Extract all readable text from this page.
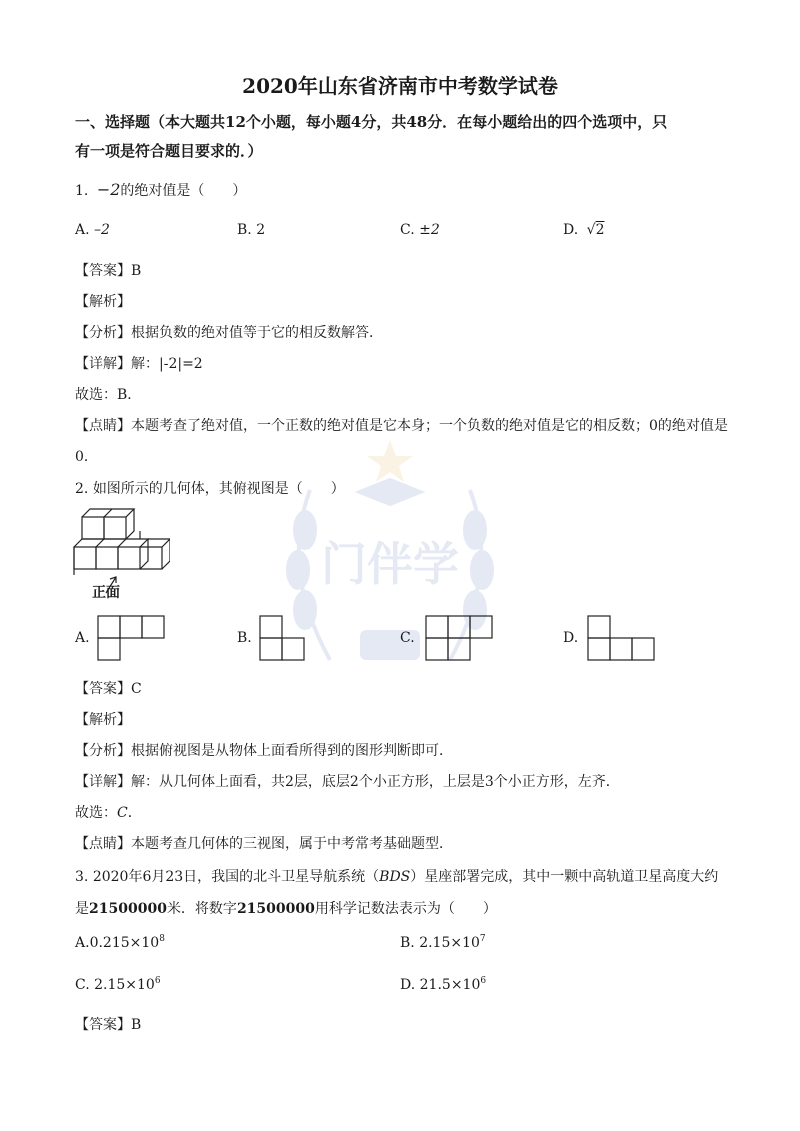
门伴学
2020年山东省济南市中考数学试卷
一、选择题（本大题共12个小题，每小题4分，共48分．在每小题给出的四个选项中，只
有一项是符合题目要求的．）
1. −2的绝对值是（　　）
A. –2	B. 2	C. ±2	D. √2
【答案】B
【解析】
【分析】根据负数的绝对值等于它的相反数解答．
【详解】解：|-2|=2
故选：B．
【点睛】本题考查了绝对值，一个正数的绝对值是它本身；一个负数的绝对值是它的相反数；0的绝对值是
0．
2. 如图所示的几何体，其俯视图是（　　）
正面
A.	B.	C.	D.
【答案】C
【解析】
【分析】根据俯视图是从物体上面看所得到的图形判断即可．
【详解】解：从几何体上面看，共2层，底层2个小正方形，上层是3个小正方形，左齐．
故选：C．
【点睛】本题考查几何体的三视图，属于中考常考基础题型．
3. 2020年6月23日，我国的北斗卫星导航系统（BDS）星座部署完成，其中一颗中高轨道卫星高度大约
是21500000米．将数字21500000用科学记数法表示为（　　）
$A.0.215\times 10^8$	B. $2.15\times 10^7$
C. $2.15\times 10^6$	D. $21.5\times 10^6$
【答案】B
